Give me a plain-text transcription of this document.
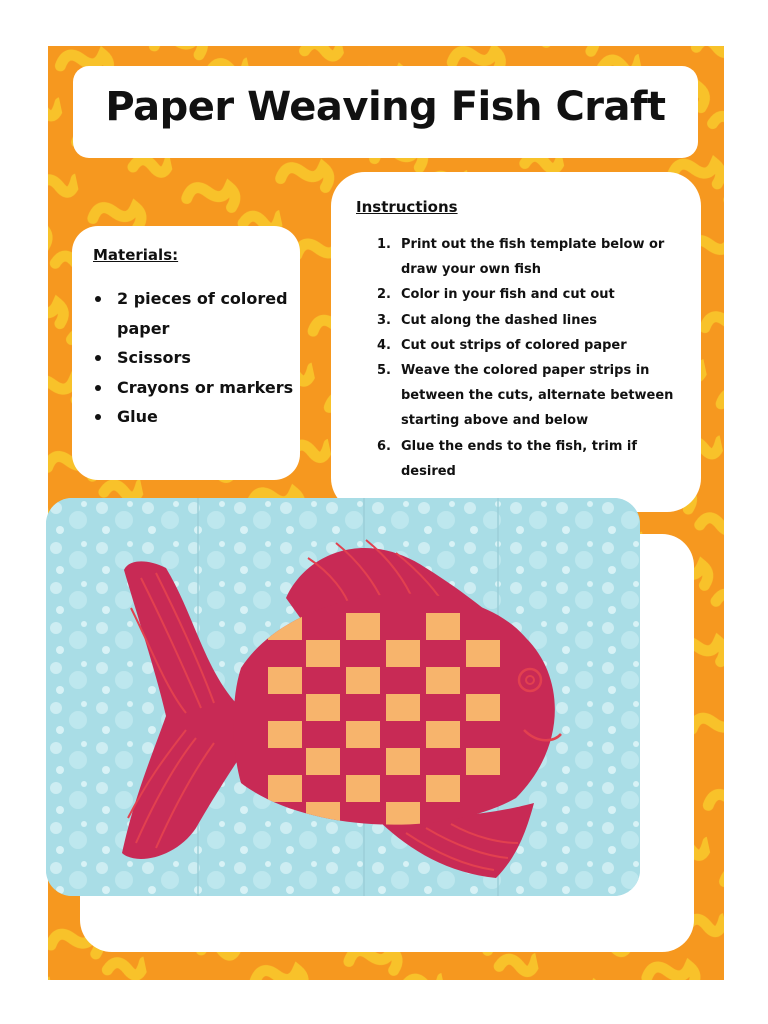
Paper Weaving Fish Craft
Materials:
2 pieces of colored paper
Scissors
Crayons or markers
Glue
Instructions
1. Print out the fish template below or draw your own fish
2. Color in your fish and cut out
3. Cut along the dashed lines
4. Cut out strips of colored paper
5. Weave the colored paper strips in between the cuts, alternate between starting above and below
6. Glue the ends to the fish, trim if desired
